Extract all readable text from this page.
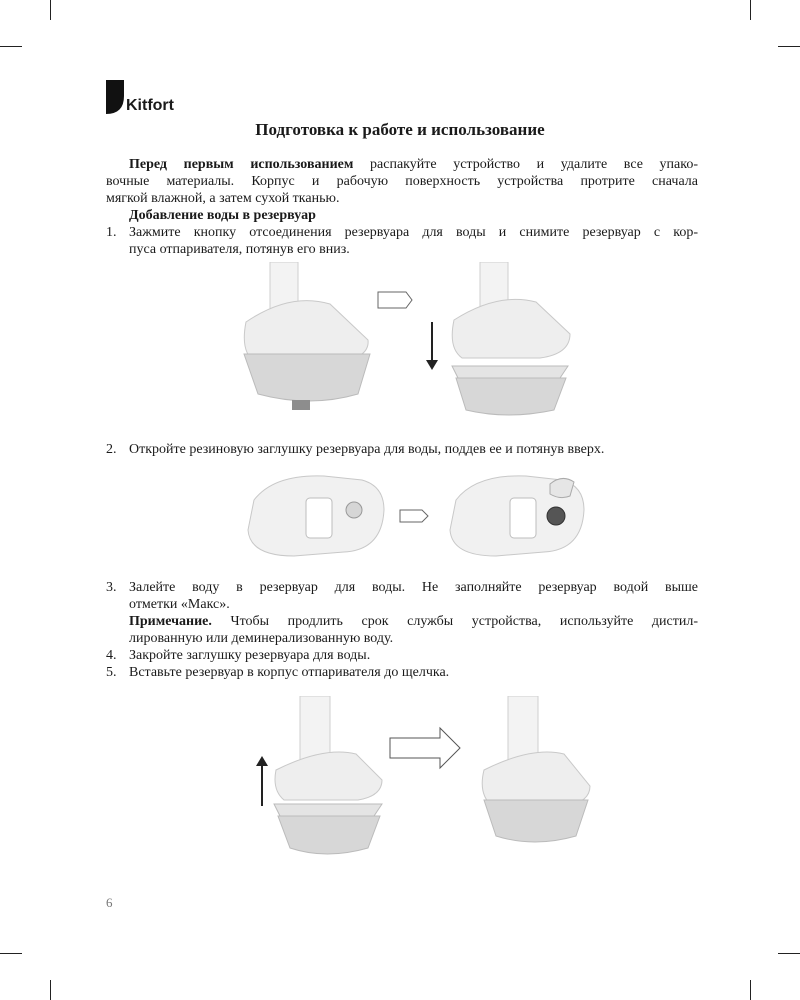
Kitfort
Подготовка к работе и использование
Перед первым использованием распакуйте устройство и удалите все упако-
вочные материалы. Корпус и рабочую поверхность устройства протрите сначала
мягкой влажной, а затем сухой тканью.
Добавление воды в резервуар
1. Зажмите кнопку отсоединения резервуара для воды и снимите резервуар с кор-
пуса отпаривателя, потянув его вниз.
2. Откройте резиновую заглушку резервуара для воды, поддев ее и потянув вверх.
3. Залейте воду в резервуар для воды. Не заполняйте резервуар водой выше
отметки «Макс».
Примечание. Чтобы продлить срок службы устройства, используйте дистил-
лированную или деминерализованную воду.
4. Закройте заглушку резервуара для воды.
5. Вставьте резервуар в корпус отпаривателя до щелчка.
6
